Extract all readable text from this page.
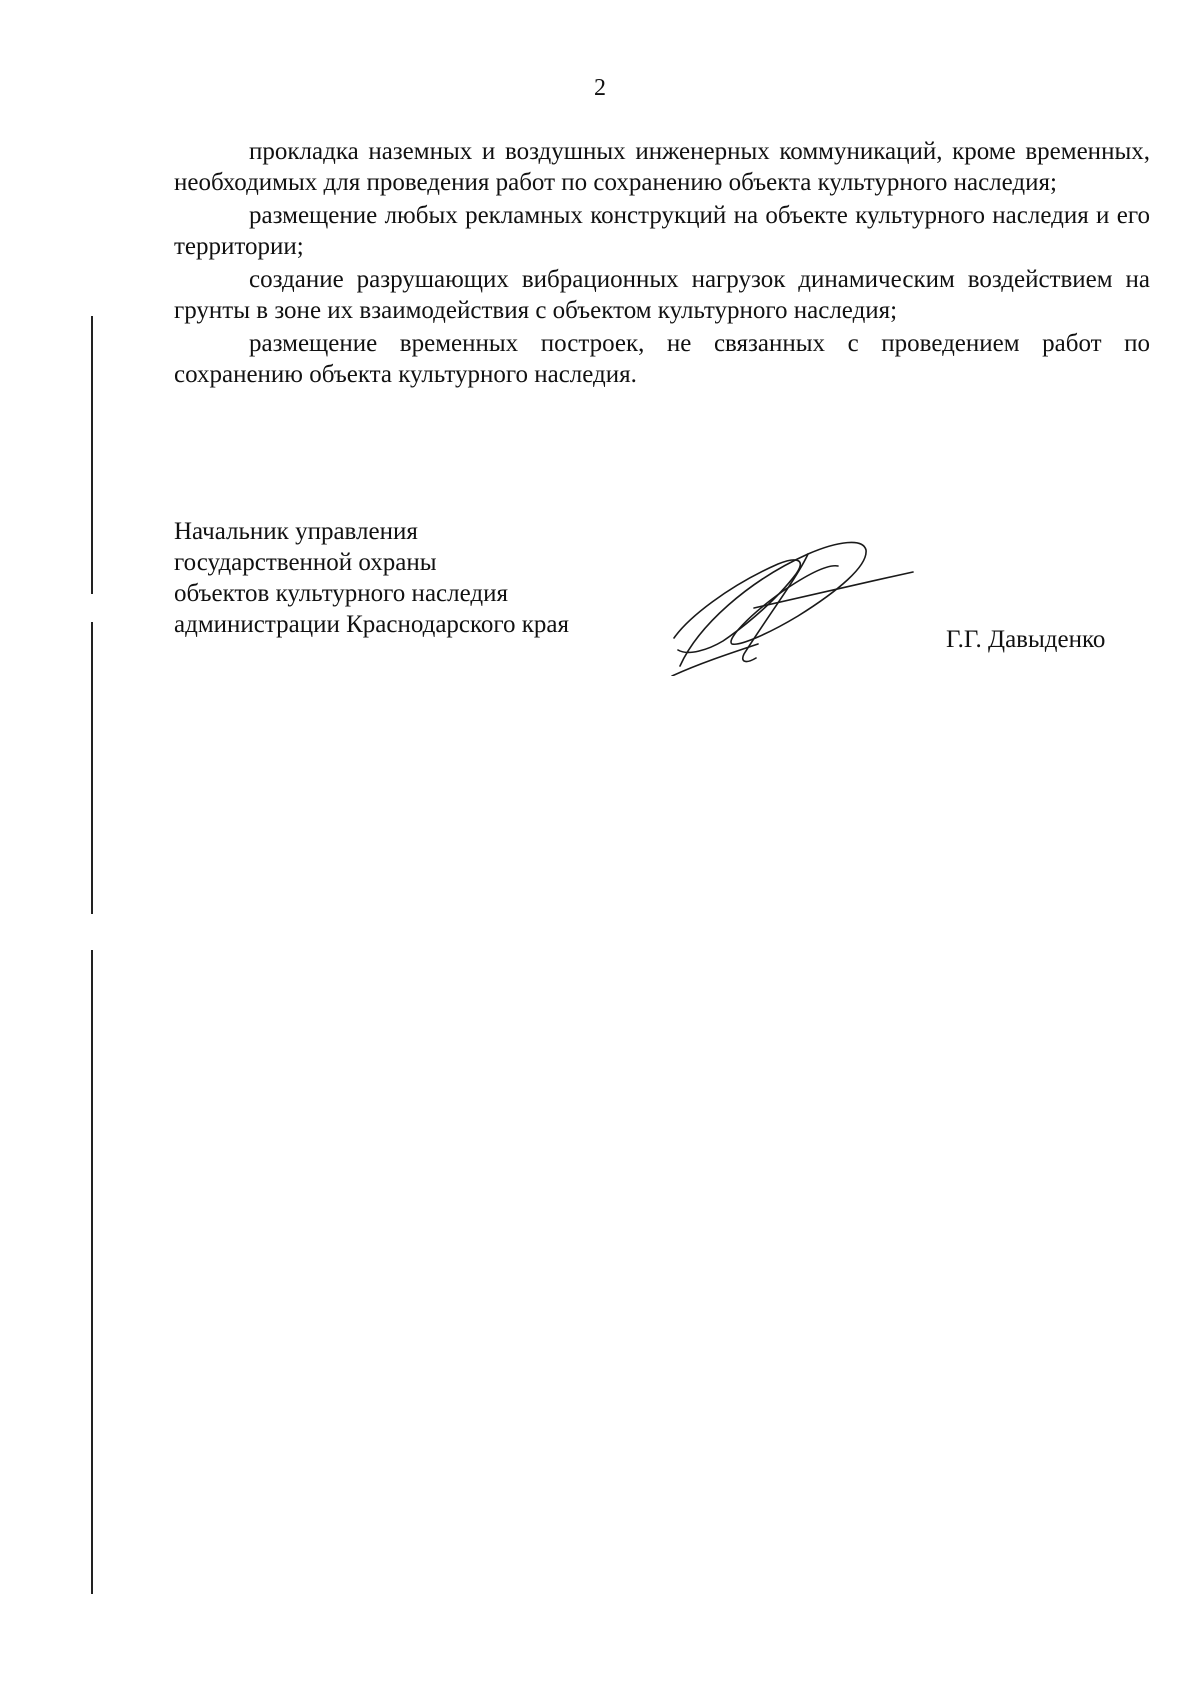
2

прокладка наземных и воздушных инженерных коммуникаций, кроме временных, необходимых для проведения работ по сохранению объекта культурного наследия;

размещение любых рекламных конструкций на объекте культурного наследия и его территории;

создание разрушающих вибрационных нагрузок динамическим воздействием на грунты в зоне их взаимодействия с объектом культурного наследия;

размещение временных построек, не связанных с проведением работ по сохранению объекта культурного наследия.

Начальник управления
государственной охраны
объектов культурного наследия
администрации Краснодарского края
Г.Г. Давыденко
